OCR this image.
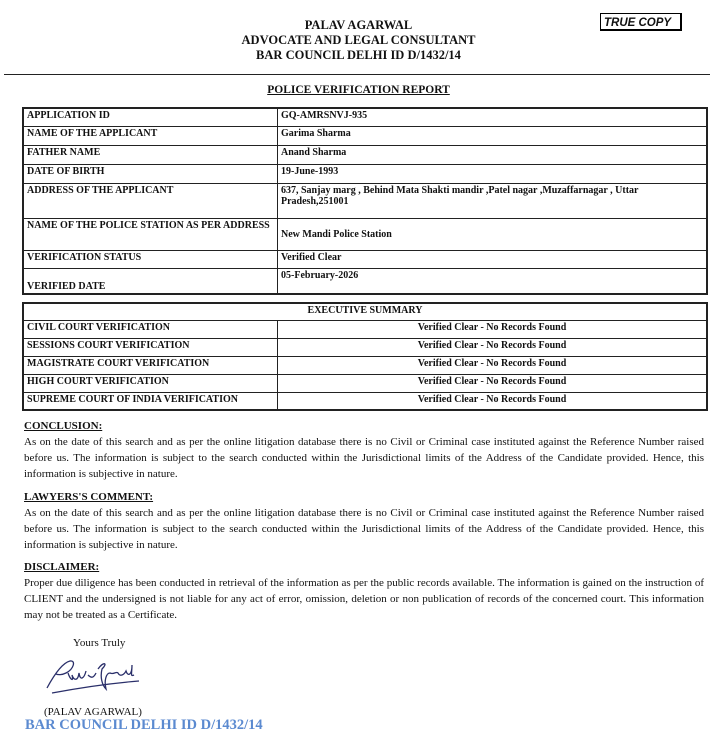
PALAV AGARWAL
ADVOCATE AND LEGAL CONSULTANT
BAR COUNCIL DELHI ID D/1432/14
TRUE COPY
POLICE VERIFICATION REPORT
APPLICATION ID	GQ-AMRSNVJ-935
NAME OF THE APPLICANT	Garima Sharma
FATHER NAME	Anand Sharma
DATE OF BIRTH	19-June-1993
ADDRESS OF THE APPLICANT	637, Sanjay marg , Behind Mata Shakti mandir ,Patel nagar ,Muzaffarnagar , Uttar Pradesh,251001
NAME OF THE POLICE STATION AS PER ADDRESS	New Mandi Police Station
VERIFICATION STATUS	Verified Clear
VERIFIED DATE	05-February-2026
EXECUTIVE SUMMARY	
CIVIL COURT VERIFICATION	Verified Clear - No Records Found
SESSIONS COURT VERIFICATION	Verified Clear - No Records Found
MAGISTRATE COURT VERIFICATION	Verified Clear - No Records Found
HIGH COURT VERIFICATION	Verified Clear - No Records Found
SUPREME COURT OF INDIA VERIFICATION	Verified Clear - No Records Found
CONCLUSION:

As on the date of this search and as per the online litigation database there is no Civil or Criminal case instituted against the Reference Number raised before us. The information is subject to the search conducted within the Jurisdictional limits of the Address of the Candidate provided. Hence, this information is subjective in nature.

LAWYERS'S COMMENT:

As on the date of this search and as per the online litigation database there is no Civil or Criminal case instituted against the Reference Number raised before us. The information is subject to the search conducted within the Jurisdictional limits of the Address of the Candidate provided. Hence, this information is subjective in nature.

DISCLAIMER:

Proper due diligence has been conducted in retrieval of the information as per the public records available. The information is gained on the instruction of CLIENT and the undersigned is not liable for any act of error, omission, deletion or non publication of records of the concerned court. This information may not be treated as a Certificate.

Yours Truly
(PALAV AGARWAL)
BAR COUNCIL DELHI ID D/1432/14
